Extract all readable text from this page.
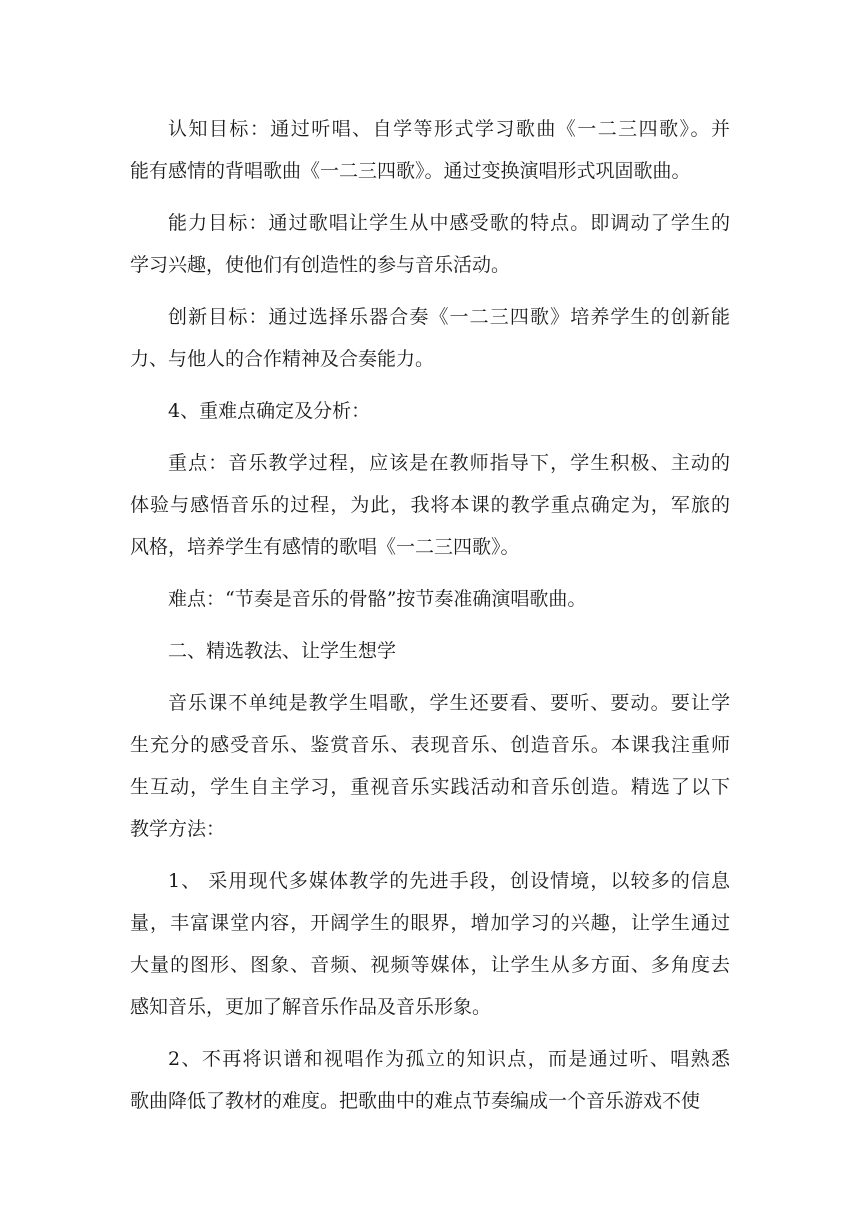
认知目标：通过听唱、自学等形式学习歌曲《一二三四歌》。并
能有感情的背唱歌曲《一二三四歌》。通过变换演唱形式巩固歌曲。
能力目标：通过歌唱让学生从中感受歌的特点。即调动了学生的
学习兴趣，使他们有创造性的参与音乐活动。
创新目标：通过选择乐器合奏《一二三四歌》培养学生的创新能
力、与他人的合作精神及合奏能力。
4、重难点确定及分析：
重点：音乐教学过程，应该是在教师指导下，学生积极、主动的
体验与感悟音乐的过程，为此，我将本课的教学重点确定为，军旅的
风格，培养学生有感情的歌唱《一二三四歌》。
难点：“节奏是音乐的骨骼”按节奏准确演唱歌曲。
二、精选教法、让学生想学
音乐课不单纯是教学生唱歌，学生还要看、要听、要动。要让学
生充分的感受音乐、鉴赏音乐、表现音乐、创造音乐。本课我注重师
生互动，学生自主学习，重视音乐实践活动和音乐创造。精选了以下
教学方法：
1、 采用现代多媒体教学的先进手段，创设情境，以较多的信息
量，丰富课堂内容，开阔学生的眼界，增加学习的兴趣，让学生通过
大量的图形、图象、音频、视频等媒体，让学生从多方面、多角度去
感知音乐，更加了解音乐作品及音乐形象。
2、不再将识谱和视唱作为孤立的知识点，而是通过听、唱熟悉
歌曲降低了教材的难度。把歌曲中的难点节奏编成一个音乐游戏不使
